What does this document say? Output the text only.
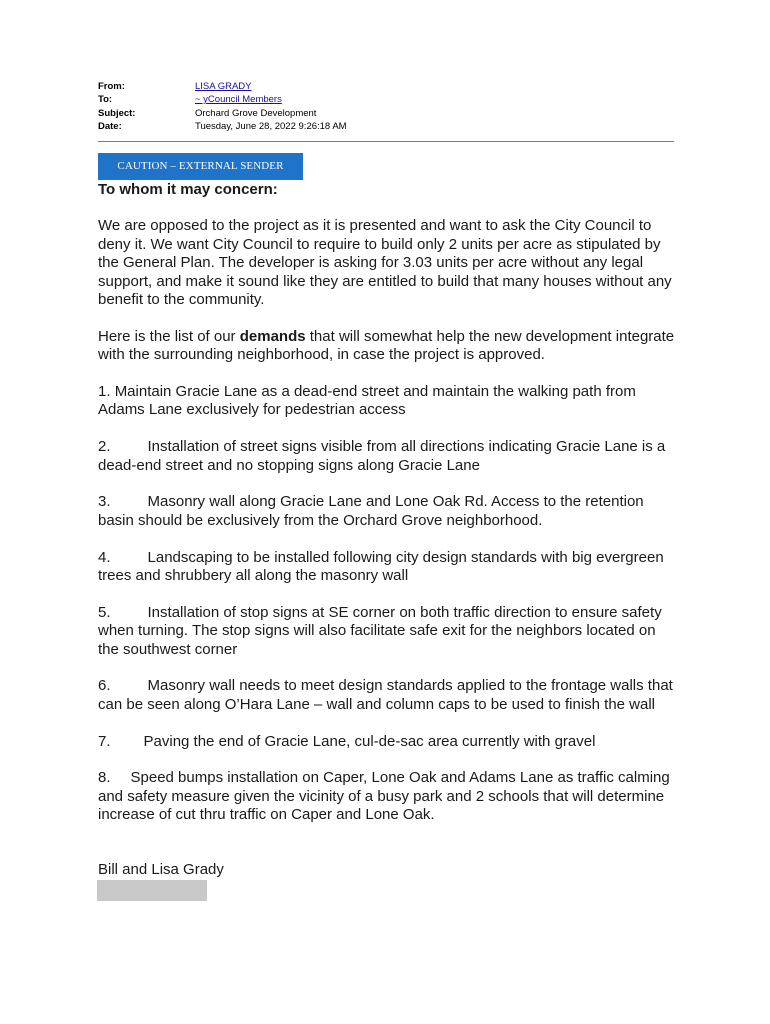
From:	LISA GRADY
To:	~ yCouncil Members
Subject:	Orchard Grove Development
Date:	Tuesday, June 28, 2022 9:26:18 AM
CAUTION – EXTERNAL SENDER
To whom it may concern:

We are opposed to the project as it is presented and want to ask the City Council to deny it. We want City Council to require to build only 2 units per acre as stipulated by the General Plan. The developer is asking for 3.03 units per acre without any legal support, and make it sound like they are entitled to build that many houses without any benefit to the community.

Here is the list of our demands that will somewhat help the new development integrate with the surrounding neighborhood, in case the project is approved.

1. Maintain Gracie Lane as a dead-end street and maintain the walking path from Adams Lane exclusively for pedestrian access

2. Installation of street signs visible from all directions indicating Gracie Lane is a dead-end street and no stopping signs along Gracie Lane

3. Masonry wall along Gracie Lane and Lone Oak Rd. Access to the retention basin should be exclusively from the Orchard Grove neighborhood.

4. Landscaping to be installed following city design standards with big evergreen trees and shrubbery all along the masonry wall

5. Installation of stop signs at SE corner on both traffic direction to ensure safety when turning. The stop signs will also facilitate safe exit for the neighbors located on the southwest corner

6. Masonry wall needs to meet design standards applied to the frontage walls that can be seen along O’Hara Lane – wall and column caps to be used to finish the wall

7. Paving the end of Gracie Lane, cul-de-sac area currently with gravel

8. Speed bumps installation on Caper, Lone Oak and Adams Lane as traffic calming and safety measure given the vicinity of a busy park and 2 schools that will determine increase of cut thru traffic on Caper and Lone Oak.

Bill and Lisa Grady
